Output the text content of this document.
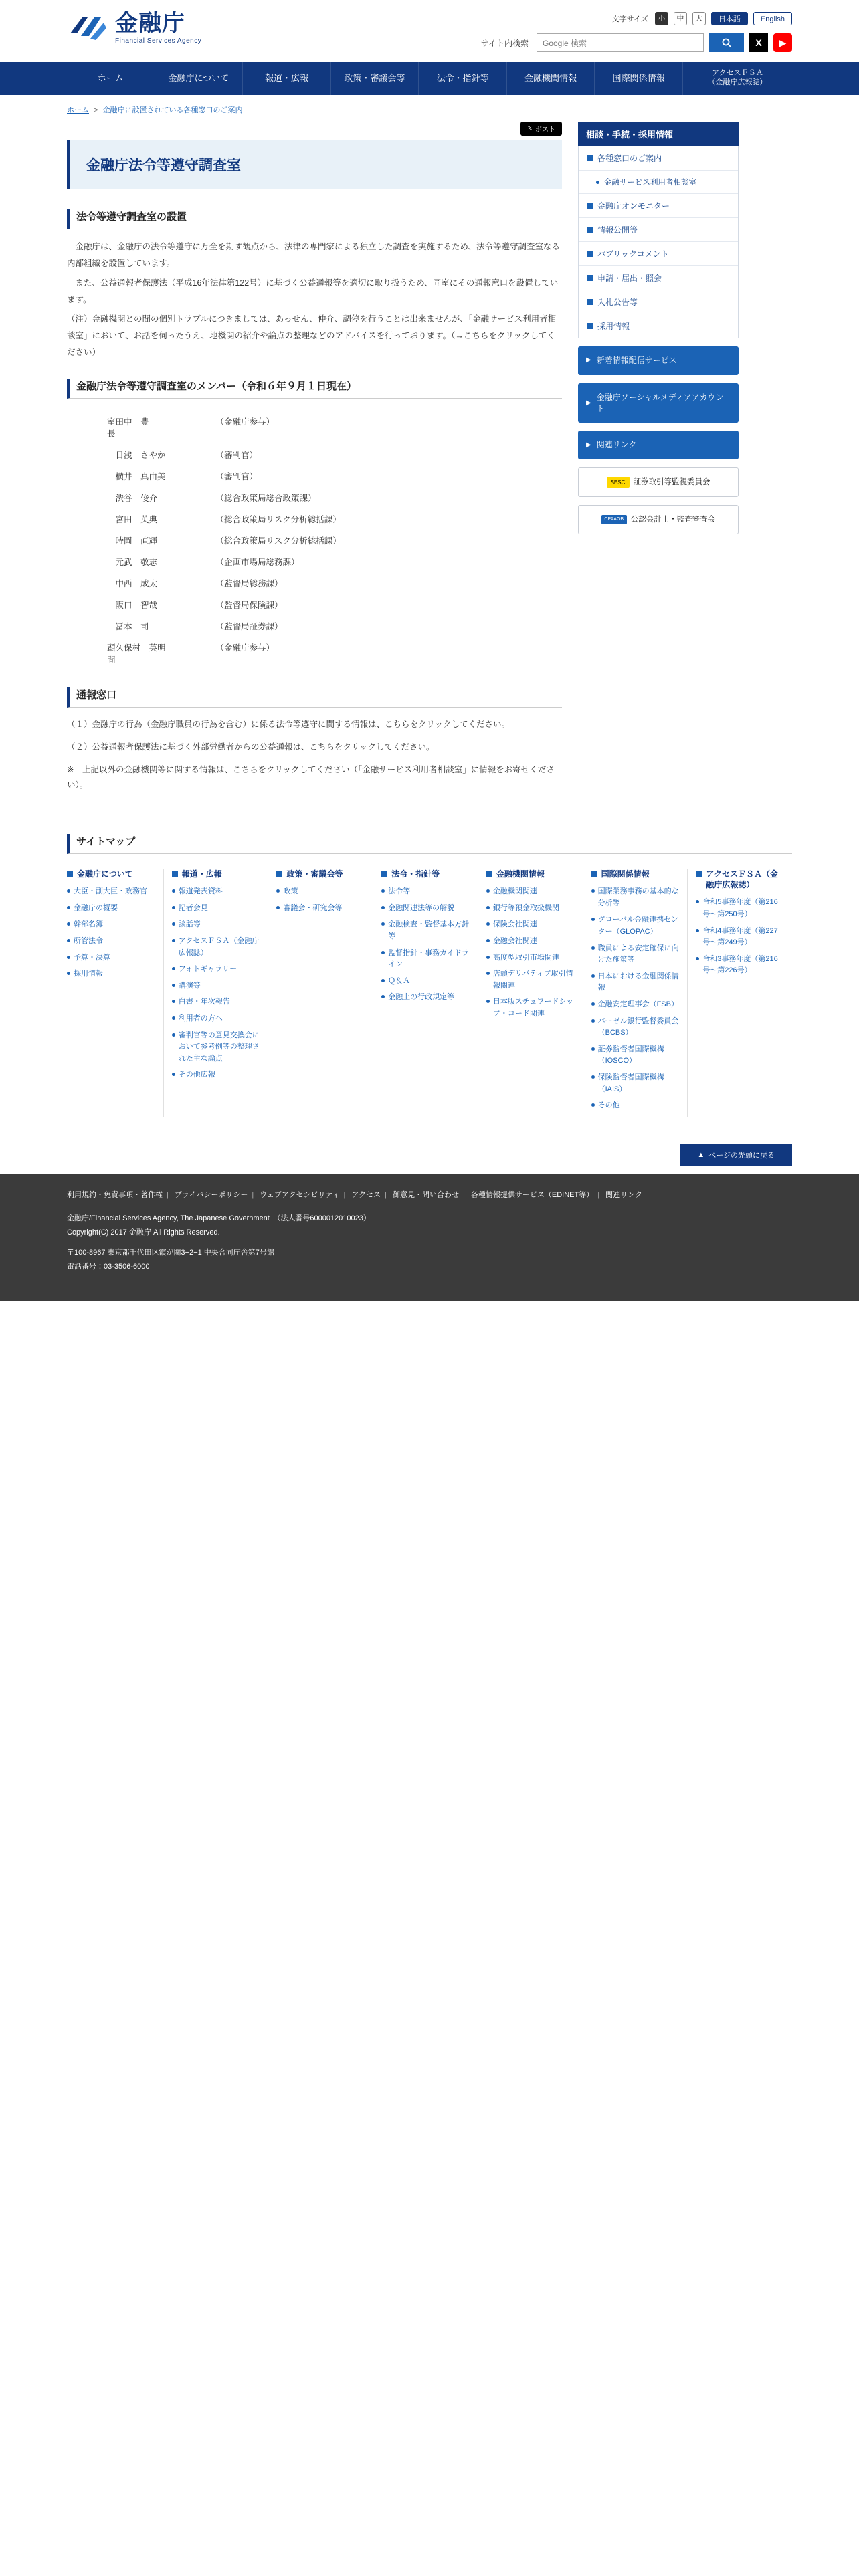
金融庁
Financial Services Agency
文字サイズ	小	中	大	日本語	English
サイト内検索	Google 検索	X	▶
ホーム	金融庁について	報道・広報	政策・審議会等	法令・指針等	金融機関情報	国際関係情報	アクセスＦＳＡ
（金融庁広報誌）
ホーム > 金融庁に設置されている各種窓口のご案内
𝕏 ポスト
金融庁法令等遵守調査室
法令等遵守調査室の設置

金融庁は、金融庁の法令等遵守に万全を期す観点から、法律の専門家による独立した調査を実施するため、法令等遵守調査室なる内部組織を設置しています。

また、公益通報者保護法（平成16年法律第122号）に基づく公益通報等を適切に取り扱うため、同室にその通報窓口を設置しています。

（注）金融機関との間の個別トラブルにつきましては、あっせん、仲介、調停を行うことは出来ませんが、「金融サービス利用者相談室」において、お話を伺ったうえ、地機関の紹介や論点の整理などのアドバイスを行っております。（→こちらをクリックしてください）

金融庁法令等遵守調査室のメンバー（令和６年９月１日現在）
室長	田中　豊	（金融庁参与）
	日浅　さやか	（審判官）
	横井　真由美	（審判官）
	渋谷　俊介	（総合政策局総合政策課）
	宮田　英典	（総合政策局リスク分析総括課）
	時岡　直輝	（総合政策局リスク分析総括課）
	元武　敬志	（企画市場局総務課）
	中西　成太	（監督局総務課）
	阪口　智哉	（監督局保険課）
	冨本　司	（監督局証券課）
顧問	久保村　英明	（金融庁参与）
通報窓口

（１）金融庁の行為（金融庁職員の行為を含む）に係る法令等遵守に関する情報は、こちらをクリックしてください。

（２）公益通報者保護法に基づく外部労働者からの公益通報は、こちらをクリックしてください。

※　上記以外の金融機関等に関する情報は、こちらをクリックしてください（「金融サービス利用者相談室」に情報をお寄せください）。

相談・手続・採用情報
各種窓口のご案内
金融サービス利用者相談室
金融庁オンモニター
情報公開等
パブリックコメント
申請・届出・照会
入札公告等
採用情報
▶ 新着情報配信サービス
▶
金融庁ソーシャルメディアアカウント
▶ 関連リンク
SESC	証券取引等監視委員会
CPAAOB 公認会計士・監査審査会
サイトマップ
金融庁について
大臣・副大臣・政務官
金融庁の概要
幹部名簿
所管法令
予算・決算
採用情報
報道・広報
報道発表資料
記者会見
談話等
アクセスＦＳＡ（金融庁広報誌）
フォトギャラリー
講演等
白書・年次報告
利用者の方へ
審判官等の意見交換会において参考例等の整理された主な論点
その他広報
政策・審議会等
政策
審議会・研究会等
法令・指針等
法令等
金融関連法等の解説
金融検査・監督基本方針等
監督指針・事務ガイドライン
Ｑ＆Ａ
金融上の行政規定等
金融機関情報
金融機関関連
銀行等預金取扱機関
保険会社関連
金融会社関連
高度型取引市場関連
店頭デリバティブ取引情報関連
日本版スチュワードシップ・コード関連
国際関係情報
国際業務事務の基本的な分析等
グローバル金融連携センター（GLOPAC）
職員による安定確保に向けた施策等
日本における金融関係情報
金融安定理事会（FSB）
バーゼル銀行監督委員会（BCBS）
証券監督者国際機構（IOSCO）
保険監督者国際機構（IAIS）
その他
アクセスＦＳＡ（金融庁広報誌）
令和5事務年度（第216号〜第250号）
令和4事務年度（第227号〜第249号）
令和3事務年度（第216号〜第226号）
▲ ページの先頭に戻る
利用規約・免責事項・著作権 | プライバシーポリシー | ウェブアクセシビリティ | アクセス | 御意見・問い合わせ | 各種情報提供サービス（EDINET等） | 関連リンク
金融庁/Financial Services Agency, The Japanese Government　（法人番号6000012010023）
Copyright(C) 2017 金融庁 All Rights Reserved.
〒100-8967 東京都千代田区霞が関3−2−1 中央合同庁舎第7号館
電話番号：03-3506-6000
